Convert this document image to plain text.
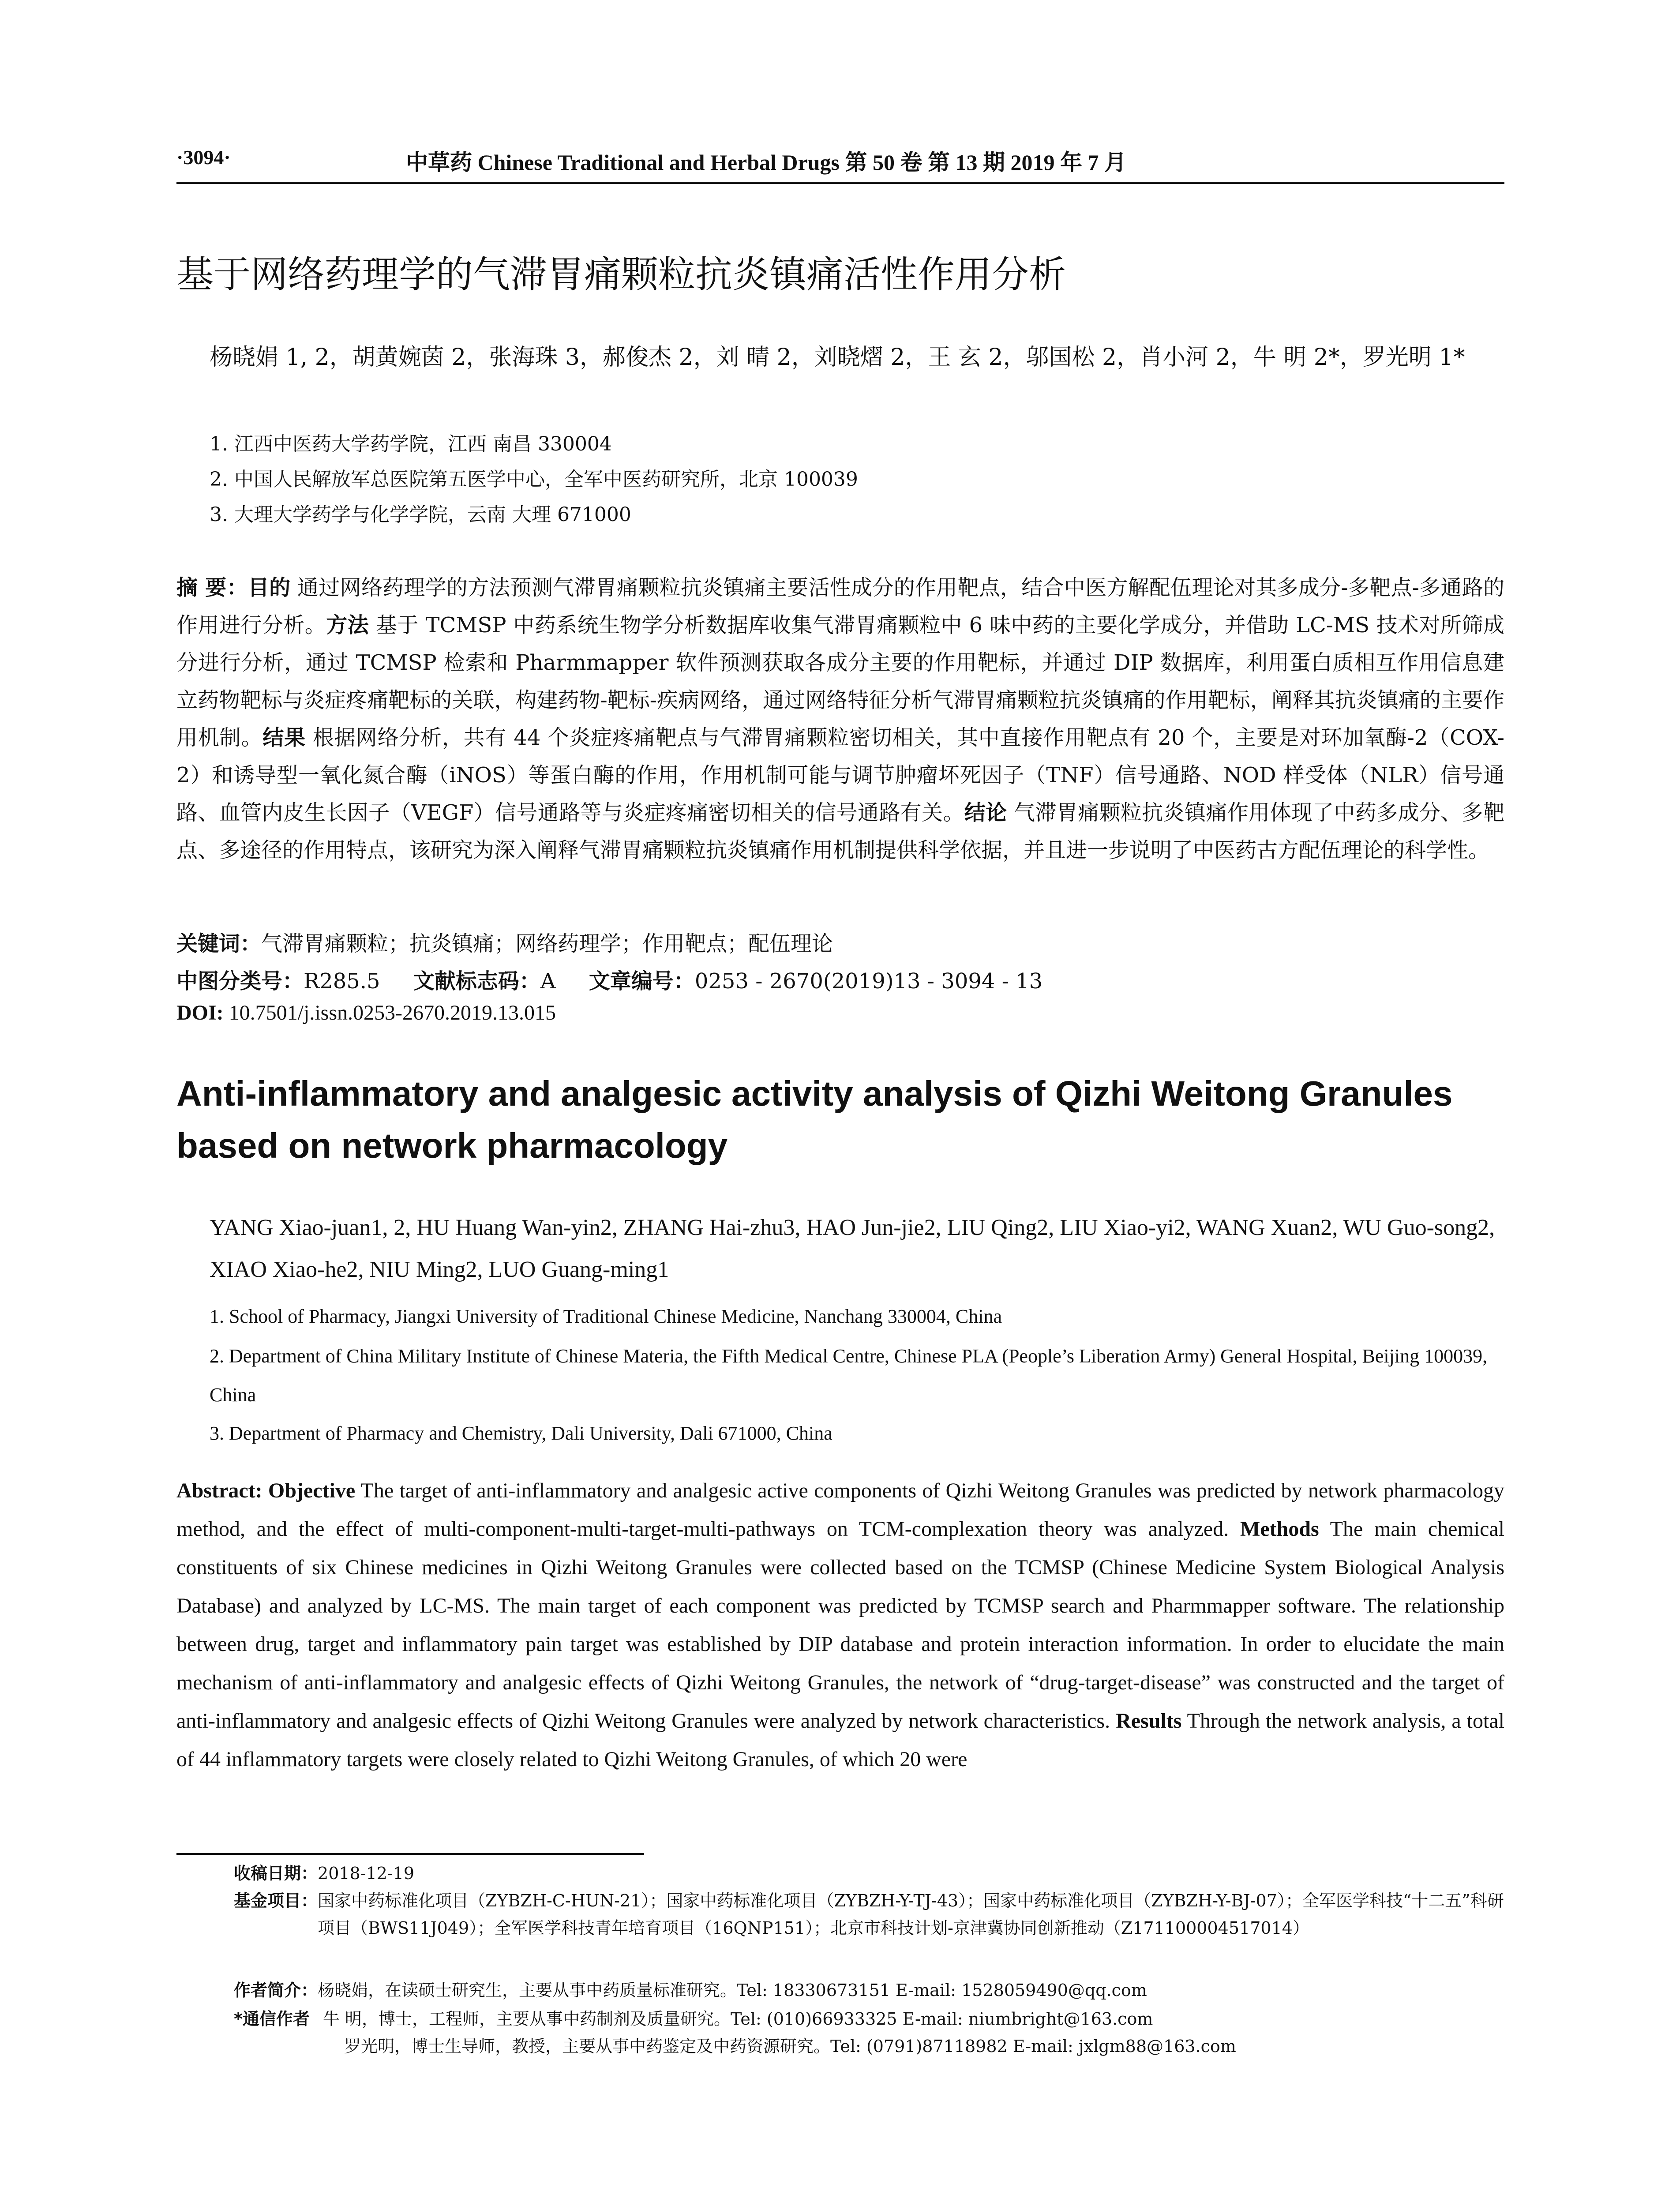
·3094·	中草药 Chinese Traditional and Herbal Drugs 第 50 卷 第 13 期 2019 年 7 月
基于网络药理学的气滞胃痛颗粒抗炎镇痛活性作用分析
杨晓娟 1, 2，胡黄婉茵 2，张海珠 3，郝俊杰 2，刘 晴 2，刘晓熠 2，王 玄 2，邬国松 2，肖小河 2，牛 明 2*，罗光明 1*
1. 江西中医药大学药学院，江西 南昌 330004
2. 中国人民解放军总医院第五医学中心，全军中医药研究所，北京 100039
3. 大理大学药学与化学学院，云南 大理 671000
摘 要：目的 通过网络药理学的方法预测气滞胃痛颗粒抗炎镇痛主要活性成分的作用靶点，结合中医方解配伍理论对其多成分-多靶点-多通路的作用进行分析。方法 基于 TCMSP 中药系统生物学分析数据库收集气滞胃痛颗粒中 6 味中药的主要化学成分，并借助 LC-MS 技术对所筛成分进行分析，通过 TCMSP 检索和 Pharmmapper 软件预测获取各成分主要的作用靶标，并通过 DIP 数据库，利用蛋白质相互作用信息建立药物靶标与炎症疼痛靶标的关联，构建药物-靶标-疾病网络，通过网络特征分析气滞胃痛颗粒抗炎镇痛的作用靶标，阐释其抗炎镇痛的主要作用机制。结果 根据网络分析，共有 44 个炎症疼痛靶点与气滞胃痛颗粒密切相关，其中直接作用靶点有 20 个，主要是对环加氧酶-2（COX-2）和诱导型一氧化氮合酶（iNOS）等蛋白酶的作用，作用机制可能与调节肿瘤坏死因子（TNF）信号通路、NOD 样受体（NLR）信号通路、血管内皮生长因子（VEGF）信号通路等与炎症疼痛密切相关的信号通路有关。结论 气滞胃痛颗粒抗炎镇痛作用体现了中药多成分、多靶点、多途径的作用特点，该研究为深入阐释气滞胃痛颗粒抗炎镇痛作用机制提供科学依据，并且进一步说明了中医药古方配伍理论的科学性。
关键词：气滞胃痛颗粒；抗炎镇痛；网络药理学；作用靶点；配伍理论
中图分类号：R285.5 文献标志码：A 文章编号：0253 - 2670(2019)13 - 3094 - 13
DOI: 10.7501/j.issn.0253-2670.2019.13.015
Anti-inflammatory and analgesic activity analysis of Qizhi Weitong Granules based on network pharmacology
YANG Xiao-juan1, 2, HU Huang Wan-yin2, ZHANG Hai-zhu3, HAO Jun-jie2, LIU Qing2, LIU Xiao-yi2, WANG Xuan2, WU Guo-song2, XIAO Xiao-he2, NIU Ming2, LUO Guang-ming1
1. School of Pharmacy, Jiangxi University of Traditional Chinese Medicine, Nanchang 330004, China
2. Department of China Military Institute of Chinese Materia, the Fifth Medical Centre, Chinese PLA (People’s Liberation Army) General Hospital, Beijing 100039, China
3. Department of Pharmacy and Chemistry, Dali University, Dali 671000, China
Abstract: Objective The target of anti-inflammatory and analgesic active components of Qizhi Weitong Granules was predicted by network pharmacology method, and the effect of multi-component-multi-target-multi-pathways on TCM-complexation theory was analyzed. Methods The main chemical constituents of six Chinese medicines in Qizhi Weitong Granules were collected based on the TCMSP (Chinese Medicine System Biological Analysis Database) and analyzed by LC-MS. The main target of each component was predicted by TCMSP search and Pharmmapper software. The relationship between drug, target and inflammatory pain target was established by DIP database and protein interaction information. In order to elucidate the main mechanism of anti-inflammatory and analgesic effects of Qizhi Weitong Granules, the network of “drug-target-disease” was constructed and the target of anti-inflammatory and analgesic effects of Qizhi Weitong Granules were analyzed by network characteristics. Results Through the network analysis, a total of 44 inflammatory targets were closely related to Qizhi Weitong Granules, of which 20 were
收稿日期： 2018-12-19
基金项目： 国家中药标准化项目（ZYBZH-C-HUN-21）；国家中药标准化项目（ZYBZH-Y-TJ-43）；国家中药标准化项目（ZYBZH-Y-BJ-07）；全军医学科技“十二五”科研项目（BWS11J049）；全军医学科技青年培育项目（16QNP151）；北京市科技计划-京津冀协同创新推动（Z171100004517014）
作者简介： 杨晓娟，在读硕士研究生，主要从事中药质量标准研究。Tel: 18330673151 E-mail: 1528059490@qq.com
*通信作者 牛 明，博士，工程师，主要从事中药制剂及质量研究。Tel: (010)66933325 E-mail: niumbright@163.com
罗光明，博士生导师，教授，主要从事中药鉴定及中药资源研究。Tel: (0791)87118982 E-mail: jxlgm88@163.com
